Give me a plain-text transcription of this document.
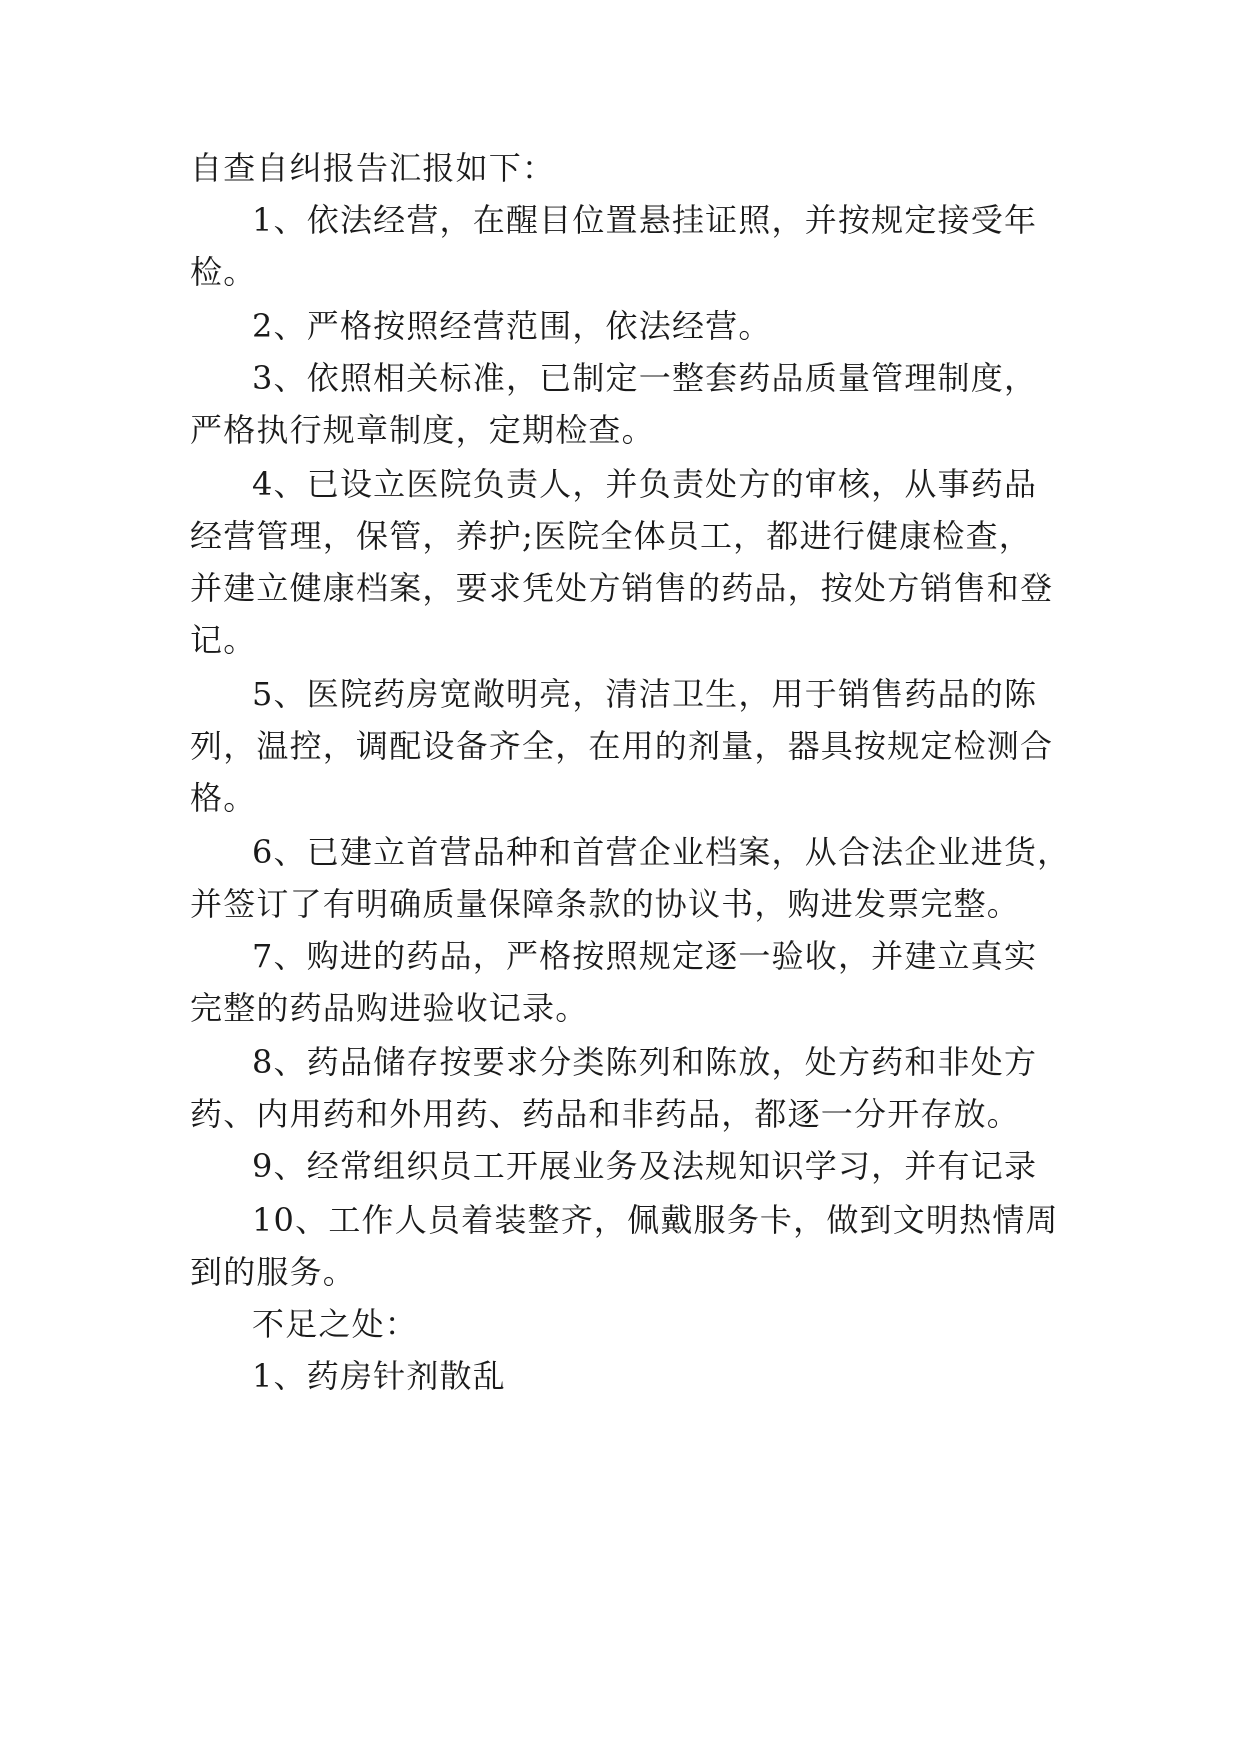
自查自纠报告汇报如下：
1、依法经营，在醒目位置悬挂证照，并按规定接受年
检。
2、严格按照经营范围，依法经营。
3、依照相关标准，已制定一整套药品质量管理制度，
严格执行规章制度，定期检查。
4、已设立医院负责人，并负责处方的审核，从事药品
经营管理，保管，养护;医院全体员工，都进行健康检查，
并建立健康档案，要求凭处方销售的药品，按处方销售和登
记。
5、医院药房宽敞明亮，清洁卫生，用于销售药品的陈
列，温控，调配设备齐全，在用的剂量，器具按规定检测合
格。
6、已建立首营品种和首营企业档案，从合法企业进货，
并签订了有明确质量保障条款的协议书，购进发票完整。
7、购进的药品，严格按照规定逐一验收，并建立真实
完整的药品购进验收记录。
8、药品储存按要求分类陈列和陈放，处方药和非处方
药、内用药和外用药、药品和非药品，都逐一分开存放。
9、经常组织员工开展业务及法规知识学习，并有记录
10、工作人员着装整齐，佩戴服务卡，做到文明热情周
到的服务。
不足之处：
1、药房针剂散乱
